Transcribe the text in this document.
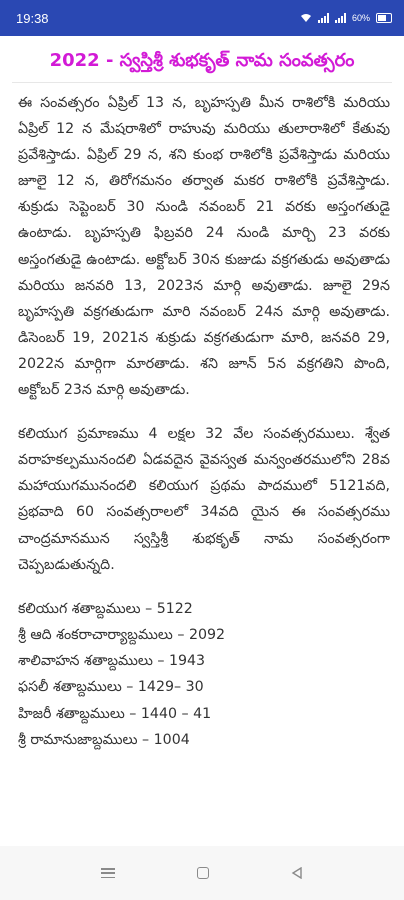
19:38	60%
2022 - స్వస్తిశ్రీ శుభకృత్ నామ సంవత్సరం

ఈ సంవత్సరం ఏప్రిల్ 13 న, బృహస్పతి మీన రాశిలోకి మరియు ఏప్రిల్ 12 న మేషరాశిలో రాహువు మరియు తులారాశిలో కేతువు ప్రవేశిస్తాడు. ఏప్రిల్ 29 న, శని కుంభ రాశిలోకి ప్రవేశిస్తాడు మరియు జూలై 12 న, తిరోగమనం తర్వాత మకర రాశిలోకి ప్రవేశిస్తాడు. శుక్రుడు సెప్టెంబర్ 30 నుండి నవంబర్ 21 వరకు అస్తంగతుడై ఉంటాడు. బృహస్పతి ఫిబ్రవరి 24 నుండి మార్చి 23 వరకు అస్తంగతుడై ఉంటాడు. అక్టోబర్ 30న కుజుడు వక్రగతుడు అవుతాడు మరియు జనవరి 13, 2023న మార్గి అవుతాడు. జూలై 29న బృహస్పతి వక్రగతుడుగా మారి నవంబర్ 24న మార్గి అవుతాడు. డిసెంబర్ 19, 2021న శుక్రుడు వక్రగతుడుగా మారి, జనవరి 29, 2022న మార్గిగా మారతాడు. శని జూన్ 5న వక్రగతిని పొంది, అక్టోబర్ 23న మార్గి అవుతాడు.

కలియుగ ప్రమాణము 4 లక్షల 32 వేల సంవత్సరములు. శ్వేత వరాహకల్పమునందలి ఏడవదైన వైవస్వత మన్వంతరములోని 28వ మహాయుగమునందలి కలియుగ ప్రథమ పాదములో 5121వది, ప్రభవాది 60 సంవత్సరాలలో 34వది యైన ఈ సంవత్సరము చాంద్రమానమున స్వస్తిశ్రీ శుభకృత్ నామ సంవత్సరంగా చెప్పబడుతున్నది.

కలియుగ శతాబ్దములు – 5122
శ్రీ ఆది శంకరాచార్యాబ్దములు – 2092
శాలివాహన శతాబ్దములు – 1943
ఫసలీ శతాబ్దములు – 1429– 30
హిజరీ శతాబ్దములు – 1440 – 41
శ్రీ రామానుజాబ్దములు – 1004
